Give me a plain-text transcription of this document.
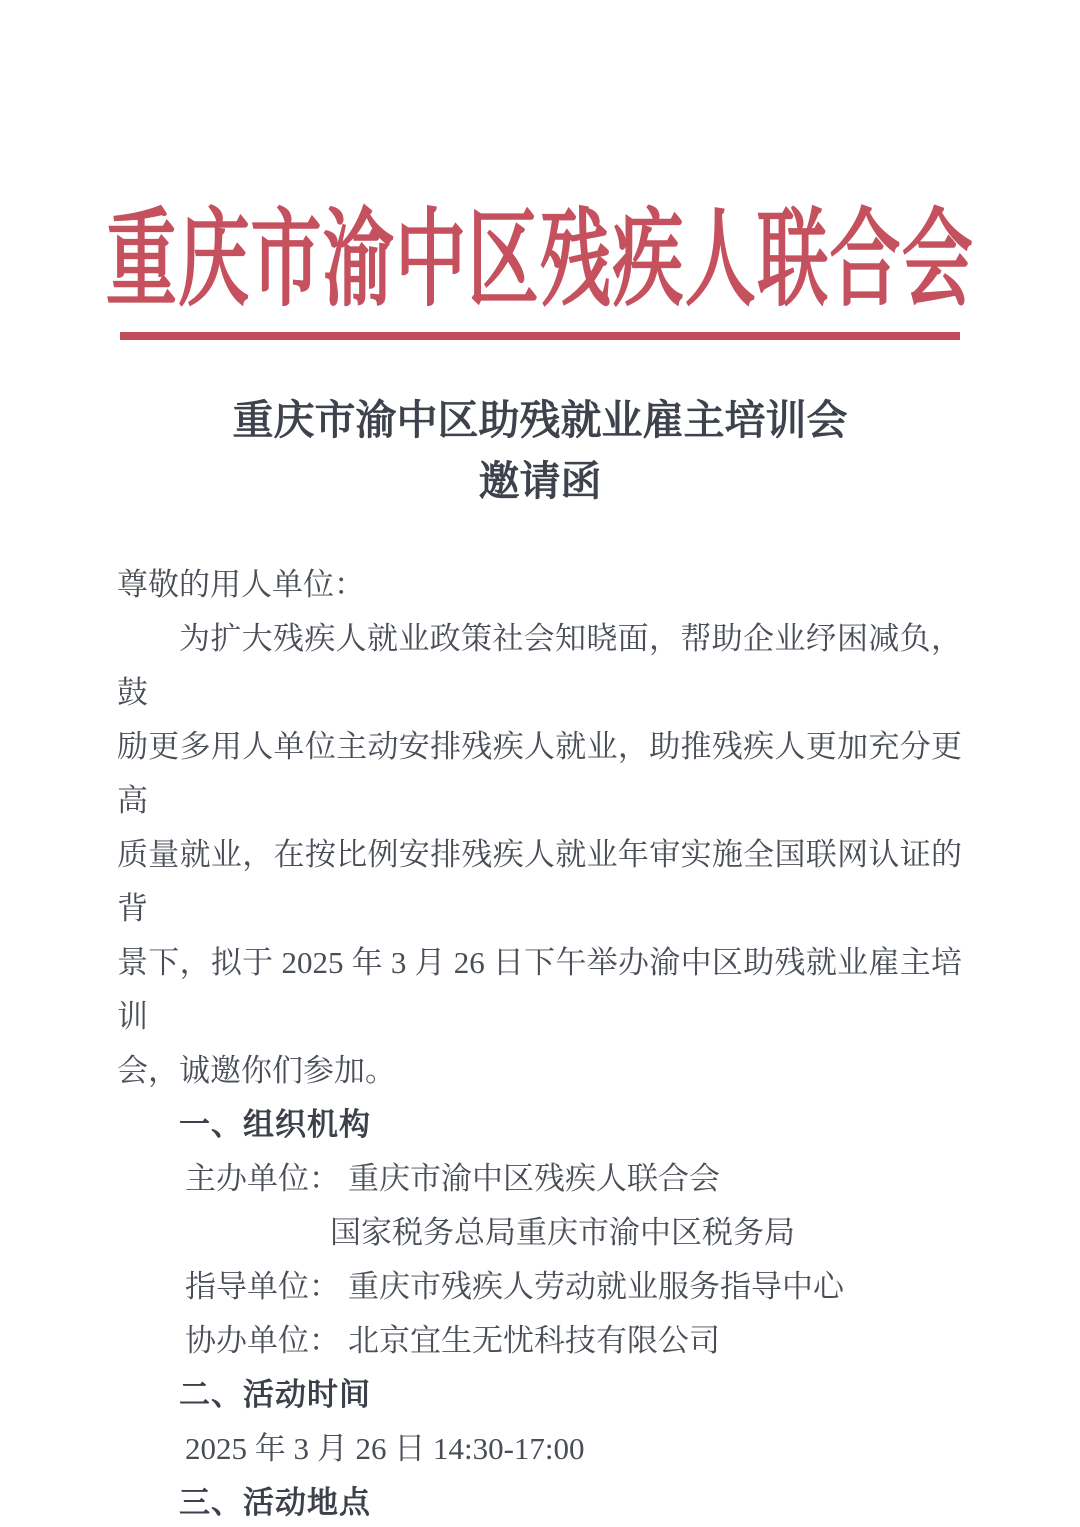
重庆市渝中区残疾人联合会
重庆市渝中区助残就业雇主培训会
邀请函
尊敬的用人单位：
为扩大残疾人就业政策社会知晓面，帮助企业纾困减负，鼓
励更多用人单位主动安排残疾人就业，助推残疾人更加充分更高
质量就业，在按比例安排残疾人就业年审实施全国联网认证的背
景下，拟于 2025 年 3 月 26 日下午举办渝中区助残就业雇主培训
会，诚邀你们参加。
一、组织机构
主办单位： 重庆市渝中区残疾人联合会
国家税务总局重庆市渝中区税务局
指导单位： 重庆市残疾人劳动就业服务指导中心
协办单位： 北京宜生无忧科技有限公司
二、活动时间
2025 年 3 月 26 日 14:30-17:00
三、活动地点
